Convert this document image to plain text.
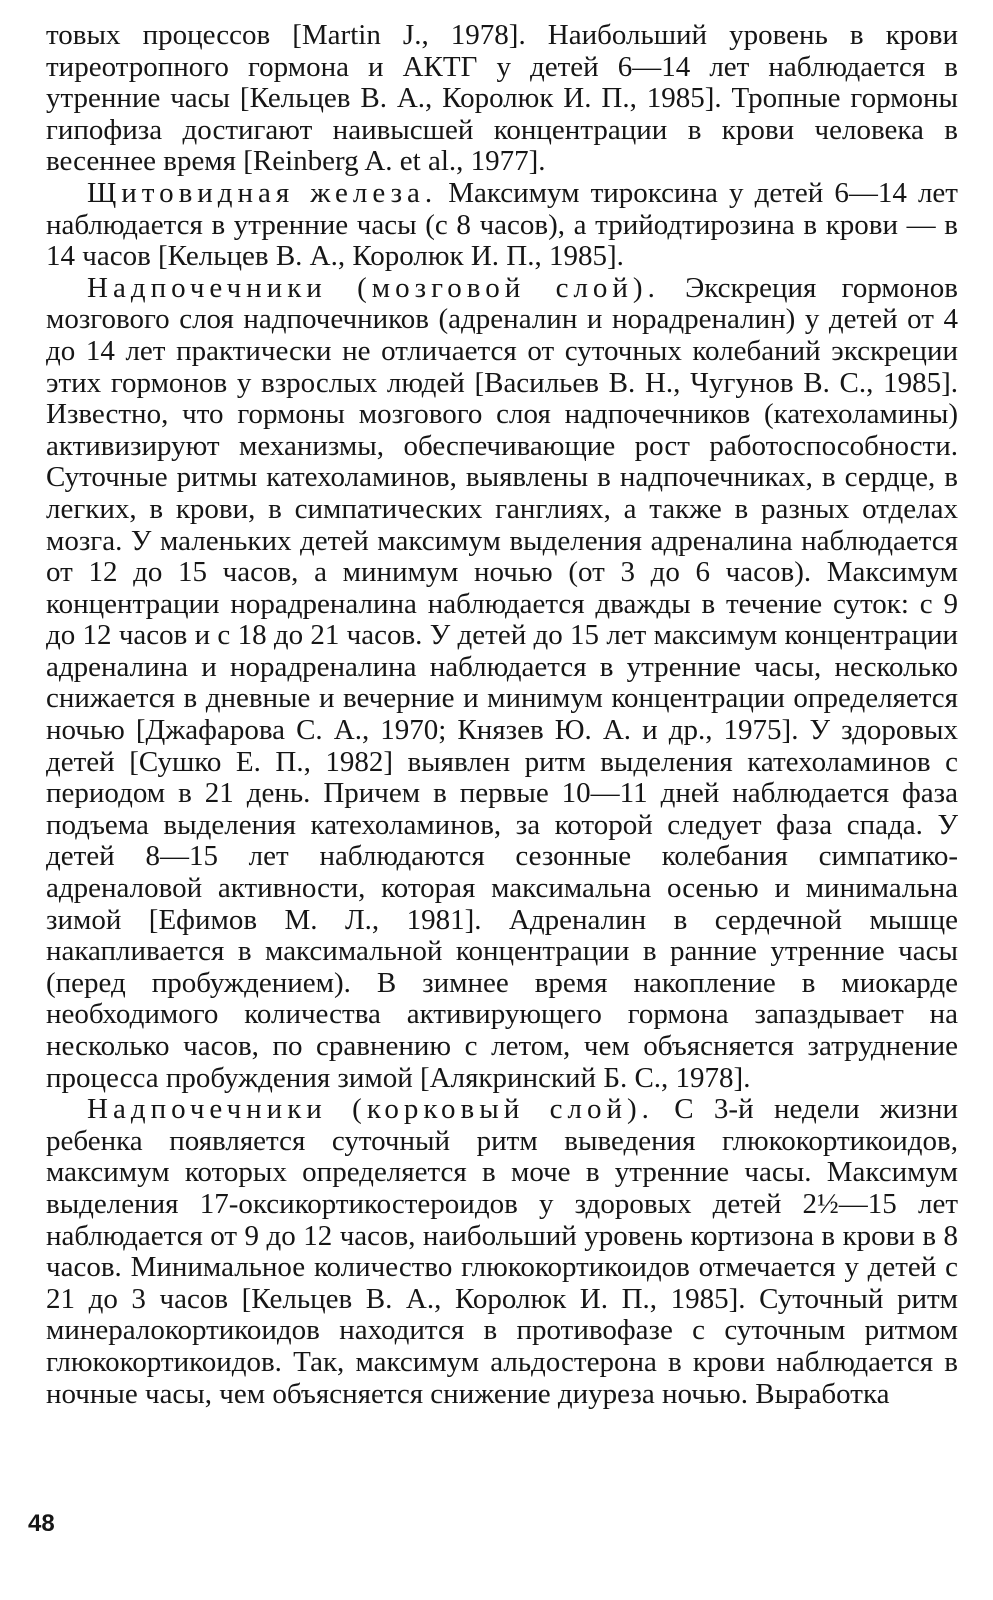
товых процессов [Martin J., 1978]. Наибольший уровень в крови тиреотропного гормона и АКТГ у детей 6—14 лет наблюдается в утренние часы [Кельцев В. А., Королюк И. П., 1985]. Тропные гормоны гипофиза достигают наивысшей концентрации в крови человека в весеннее время [Reinberg A. et al., 1977].

Щитовидная железа. Максимум тироксина у детей 6—14 лет наблюдается в утренние часы (с 8 часов), а трийодтирозина в крови — в 14 часов [Кельцев В. А., Королюк И. П., 1985].

Надпочечники (мозговой слой). Экскреция гормонов мозгового слоя надпочечников (адреналин и норадреналин) у детей от 4 до 14 лет практически не отличается от суточных колебаний экскреции этих гормонов у взрослых людей [Васильев В. Н., Чугунов В. С., 1985]. Известно, что гормоны мозгового слоя надпочечников (катехоламины) активизируют механизмы, обеспечивающие рост работоспособности. Суточные ритмы катехоламинов, выявлены в надпочечниках, в сердце, в легких, в крови, в симпатических ганглиях, а также в разных отделах мозга. У маленьких детей максимум выделения адреналина наблюдается от 12 до 15 часов, а минимум ночью (от 3 до 6 часов). Максимум концентрации норадреналина наблюдается дважды в течение суток: с 9 до 12 часов и с 18 до 21 часов. У детей до 15 лет максимум концентрации адреналина и норадреналина наблюдается в утренние часы, несколько снижается в дневные и вечерние и минимум концентрации определяется ночью [Джафарова С. А., 1970; Князев Ю. А. и др., 1975]. У здоровых детей [Сушко Е. П., 1982] выявлен ритм выделения катехоламинов с периодом в 21 день. Причем в первые 10—11 дней наблюдается фаза подъема выделения катехоламинов, за которой следует фаза спада. У детей 8—15 лет наблюдаются сезонные колебания симпатико-адреналовой активности, которая максимальна осенью и минимальна зимой [Ефимов М. Л., 1981]. Адреналин в сердечной мышце накапливается в максимальной концентрации в ранние утренние часы (перед пробуждением). В зимнее время накопление в миокарде необходимого количества активирующего гормона запаздывает на несколько часов, по сравнению с летом, чем объясняется затруднение процесса пробуждения зимой [Алякринский Б. С., 1978].

Надпочечники (корковый слой). С 3-й недели жизни ребенка появляется суточный ритм выведения глюкокортикоидов, максимум которых определяется в моче в утренние часы. Максимум выделения 17-оксикортикостероидов у здоровых детей 2½—15 лет наблюдается от 9 до 12 часов, наибольший уровень кортизона в крови в 8 часов. Минимальное количество глюкокортикоидов отмечается у детей с 21 до 3 часов [Кельцев В. А., Королюк И. П., 1985]. Суточный ритм минералокортикоидов находится в противофазе с суточным ритмом глюкокортикоидов. Так, максимум альдостерона в крови наблюдается в ночные часы, чем объясняется снижение диуреза ночью. Выработка

48
